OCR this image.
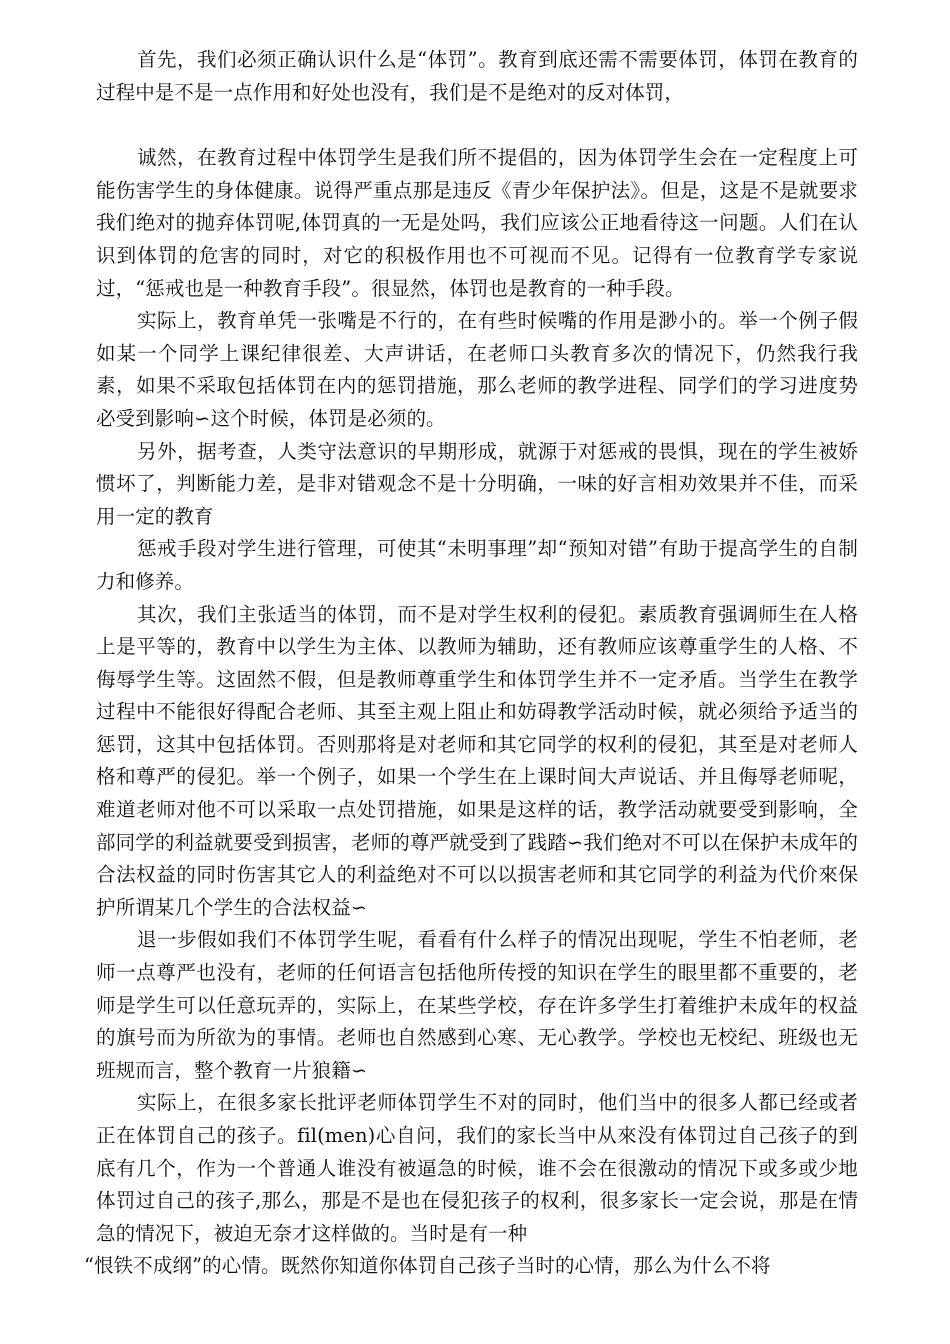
首先，我们必须正确认识什么是“体罚”。教育到底还需不需要体罚，体罚在教育的过程中是不是一点作用和好处也没有，我们是不是绝对的反对体罚，

诚然，在教育过程中体罚学生是我们所不提倡的，因为体罚学生会在一定程度上可能伤害学生的身体健康。说得严重点那是违反《青少年保护法》。但是，这是不是就要求我们绝对的抛弃体罚呢,体罚真的一无是处吗，我们应该公正地看待这一问题。人们在认识到体罚的危害的同时，对它的积极作用也不可视而不见。记得有一位教育学专家说过，“惩戒也是一种教育手段”。很显然，体罚也是教育的一种手段。

实际上，教育单凭一张嘴是不行的，在有些时候嘴的作用是渺小的。举一个例子假如某一个同学上课纪律很差、大声讲话，在老师口头教育多次的情况下，仍然我行我素，如果不采取包括体罚在内的惩罚措施，那么老师的教学进程、同学们的学习进度势必受到影响∽这个时候，体罚是必须的。

另外，据考查，人类守法意识的早期形成，就源于对惩戒的畏惧，现在的学生被娇惯坏了，判断能力差，是非对错观念不是十分明确，一味的好言相劝效果并不佳，而采用一定的教育

惩戒手段对学生进行管理，可使其“未明事理”却“预知对错”有助于提高学生的自制力和修养。

其次，我们主张适当的体罚，而不是对学生权利的侵犯。素质教育强调师生在人格上是平等的，教育中以学生为主体、以教师为辅助，还有教师应该尊重学生的人格、不侮辱学生等。这固然不假，但是教师尊重学生和体罚学生并不一定矛盾。当学生在教学过程中不能很好得配合老师、其至主观上阻止和妨碍教学活动时候，就必须给予适当的惩罚，这其中包括体罚。否则那将是对老师和其它同学的权利的侵犯，其至是对老师人格和尊严的侵犯。举一个例子，如果一个学生在上课时间大声说话、并且侮辱老师呢，难道老师对他不可以采取一点处罚措施，如果是这样的话，教学活动就要受到影响，全部同学的利益就要受到损害，老师的尊严就受到了践踏∽我们绝对不可以在保护未成年的合法权益的同时伤害其它人的利益绝对不可以以损害老师和其它同学的利益为代价來保护所谓某几个学生的合法权益∽

退一步假如我们不体罚学生呢，看看有什么样子的情况出现呢，学生不怕老师，老师一点尊严也没有，老师的任何语言包括他所传授的知识在学生的眼里都不重要的，老师是学生可以任意玩弄的，实际上，在某些学校，存在许多学生打着维护未成年的权益的旗号而为所欲为的事情。老师也自然感到心寒、无心教学。学校也无校纪、班级也无班规而言，整个教育一片狼籍∽

实际上，在很多家长批评老师体罚学生不对的同时，他们当中的很多人都已经或者正在体罚自己的孩子。fil(men)心自问，我们的家长当中从來没有体罚过自己孩子的到底有几个，作为一个普通人谁没有被逼急的时候，谁不会在很激动的情况下或多或少地体罚过自己的孩子,那么，那是不是也在侵犯孩子的权利，很多家长一定会说，那是在情急的情况下，被迫无奈才这样做的。当时是有一种

“恨铁不成纲”的心情。既然你知道你体罚自己孩子当时的心情，那么为什么不将
